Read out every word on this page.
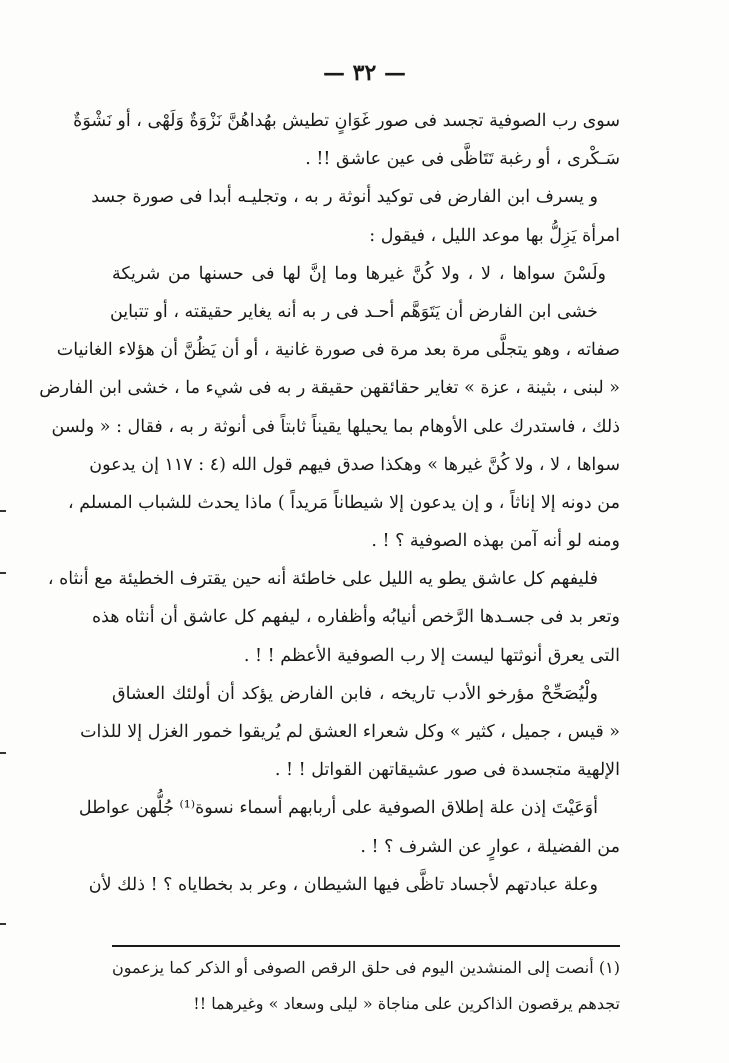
— ٣٢ —
سوى رب الصوفية تجسد فى صور غَوَانٍ تطيش بهُداهُنَّ نَزْوَةٌ وَلَهْى ، أو نَشْوَةٌ
سَـكْرى ، أو رغبة تَتَاظَّى فى عين عاشق !! .
و يسرف ابن الفارض فى توكيد أنوثة ر به ، وتجليـه أبدا فى صورة جسد
امرأة يَزِلُّ بها موعد الليل ، فيقول :
ولَسْنَ سواها ، لا ، ولا كُنَّ غيرها وما إنَّ لها فى حسنها من شريكة
خشى ابن الفارض أن يَتَوَهَّم أحـد فى ر به أنه يغاير حقيقته ، أو تتباين
صفاته ، وهو يتجلَّى مرة بعد مرة فى صورة غانية ، أو أن يَظُنَّ أن هؤلاء الغانيات
« لبنى ، بثينة ، عزة » تغاير حقائقهن حقيقة ر به فى شيء ما ، خشى ابن الفارض
ذلك ، فاستدرك على الأوهام بما يحيلها يقيناً ثابتاً فى أنوثة ر به ، فقال : « ولسن
سواها ، لا ، ولا كُنَّ غيرها » وهكذا صدق فيهم قول الله (٤ : ١١٧ إن يدعون
من دونه إلا إناثاً ، و إن يدعون إلا شيطاناً مَريداً ) ماذا يحدث للشباب المسلم ،
ومنه لو أنه آمن بهذه الصوفية ؟ ! .
فليفهم كل عاشق يطو يه الليل على خاطئة أنه حين يقترف الخطيئة مع أنثاه ،
وتعر بد فى جسـدها الرَّخص أنيابُه وأظفاره ، ليفهم كل عاشق أن أنثاه هذه
التى يعرق أنوثتها ليست إلا رب الصوفية الأعظم ! ! .
ولْيُصَحِّحْ مؤرخو الأدب تاريخه ، فابن الفارض يؤكد أن أولئك العشاق
« قيس ، جميل ، كثير » وكل شعراء العشق لم يُريقوا خمور الغزل إلا للذات
الإلهية متجسدة فى صور عشيقاتهن القواتل ! ! .
أوَعَيْتَ إذن علة إطلاق الصوفية على أربابهم أسماء نسوة⁽¹⁾ جُلُّهن عواطل
من الفضيلة ، عوارٍ عن الشرف ؟ ! .
وعلة عبادتهم لأجساد تاظَّى فيها الشيطان ، وعر بد بخطاياه ؟ ! ذلك لأن
(١) أنصت إلى المنشدين اليوم فى حلق الرقص الصوفى أو الذكر كما يزعمون
تجدهم يرقصون الذاكرين على مناجاة « ليلى وسعاد » وغيرهما !!
